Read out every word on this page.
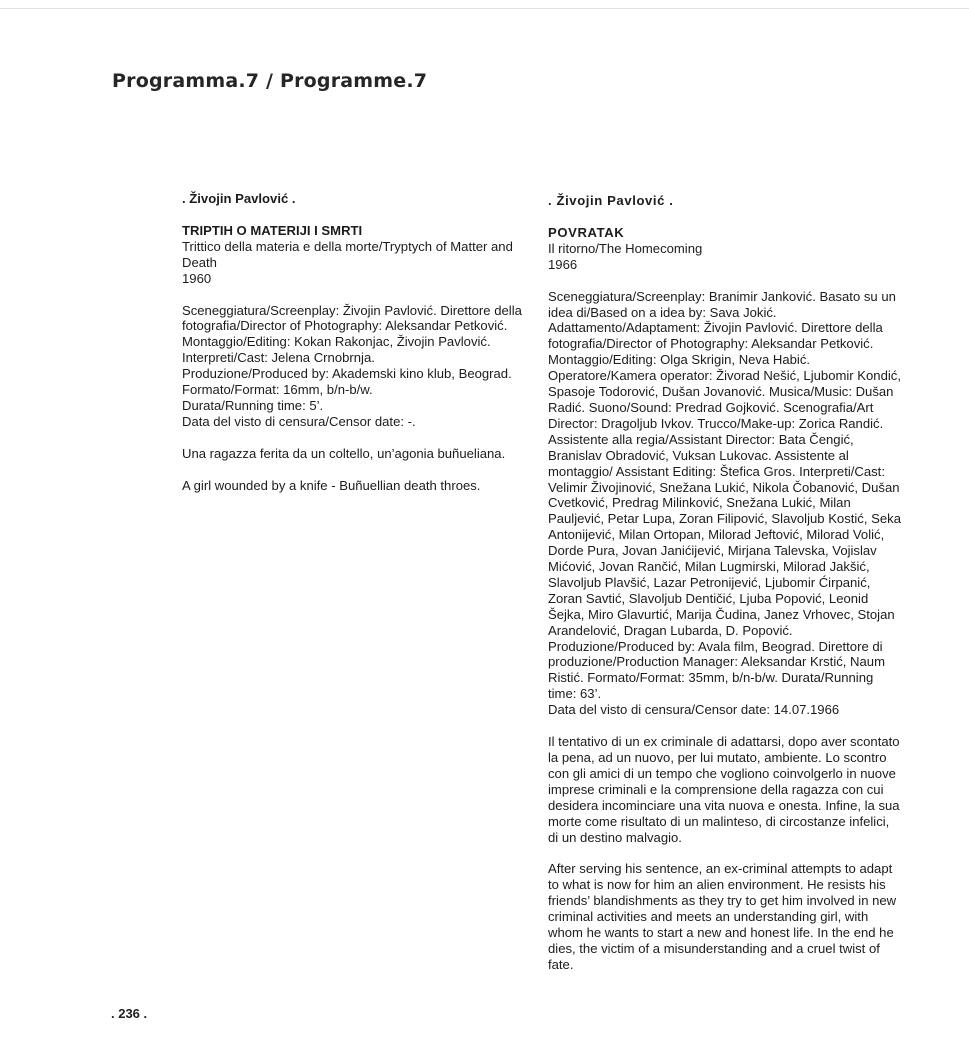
Programma.7 / Programme.7

. Živojin Pavlović .

TRIPTIH O MATERIJI I SMRTI

Trittico della materia e della morte/Tryptych of Matter and Death

1960

Sceneggiatura/Screenplay: Živojin Pavlović. Direttore della fotografia/Director of Photography: Aleksandar Petković. Montaggio/Editing: Kokan Rakonjac, Živojin Pavlović. Interpreti/Cast: Jelena Crnobrnja.

Produzione/Produced by: Akademski kino klub, Beograd.

Formato/Format: 16mm, b/n-b/w.

Durata/Running time: 5’.

Data del visto di censura/Censor date: -.

Una ragazza ferita da un coltello, un’agonia buñueliana.

A girl wounded by a knife - Buñuellian death throes.

. Živojin Pavlović .

POVRATAK

Il ritorno/The Homecoming

1966

Sceneggiatura/Screenplay: Branimir Janković. Basato su un idea di/Based on a idea by: Sava Jokić. Adattamento/Adaptament: Živojin Pavlović. Direttore della fotografia/Director of Photography: Aleksandar Petković. Montaggio/Editing: Olga Skrigin, Neva Habić. Operatore/Kamera operator: Živorad Nešić, Ljubomir Kondić, Spasoje Todorović, Dušan Jovanović. Musica/Music: Dušan Radić. Suono/Sound: Predrad Gojković. Scenografia/Art Director: Dragoljub Ivkov. Trucco/Make-up: Zorica Randić. Assistente alla regia/Assistant Director: Bata Čengić, Branislav Obradović, Vuksan Lukovac. Assistente al montaggio/ Assistant Editing: Štefica Gros. Interpreti/Cast: Velimir Živojinović, Snežana Lukić, Nikola Čobanović, Dušan Cvetković, Predrag Milinković, Snežana Lukić, Milan Pauljević, Petar Lupa, Zoran Filipović, Slavoljub Kostić, Seka Antonijević, Milan Ortopan, Milorad Jeftović, Milorad Volić, Dorde Pura, Jovan Janićijević, Mirjana Talevska, Vojislav Mićović, Jovan Rančić, Milan Lugmirski, Milorad Jakšić, Slavoljub Plavšić, Lazar Petronijević, Ljubomir Ćirpanić, Zoran Savtić, Slavoljub Dentičić, Ljuba Popović, Leonid Šejka, Miro Glavurtić, Marija Čudina, Janez Vrhovec, Stojan Arandelović, Dragan Lubarda, D. Popović. Produzione/Produced by: Avala film, Beograd. Direttore di produzione/Production Manager: Aleksandar Krstić, Naum Ristić. Formato/Format: 35mm, b/n-b/w. Durata/Running time: 63’.

Data del visto di censura/Censor date: 14.07.1966

Il tentativo di un ex criminale di adattarsi, dopo aver scontato la pena, ad un nuovo, per lui mutato, ambiente. Lo scontro con gli amici di un tempo che vogliono coinvolgerlo in nuove imprese criminali e la comprensione della ragazza con cui desidera incominciare una vita nuova e onesta. Infine, la sua morte come risultato di un malinteso, di circostanze infelici, di un destino malvagio.

After serving his sentence, an ex-criminal attempts to adapt to what is now for him an alien environment. He resists his friends’ blandishments as they try to get him involved in new criminal activities and meets an understanding girl, with whom he wants to start a new and honest life. In the end he dies, the victim of a misunderstanding and a cruel twist of fate.

. 236 .
